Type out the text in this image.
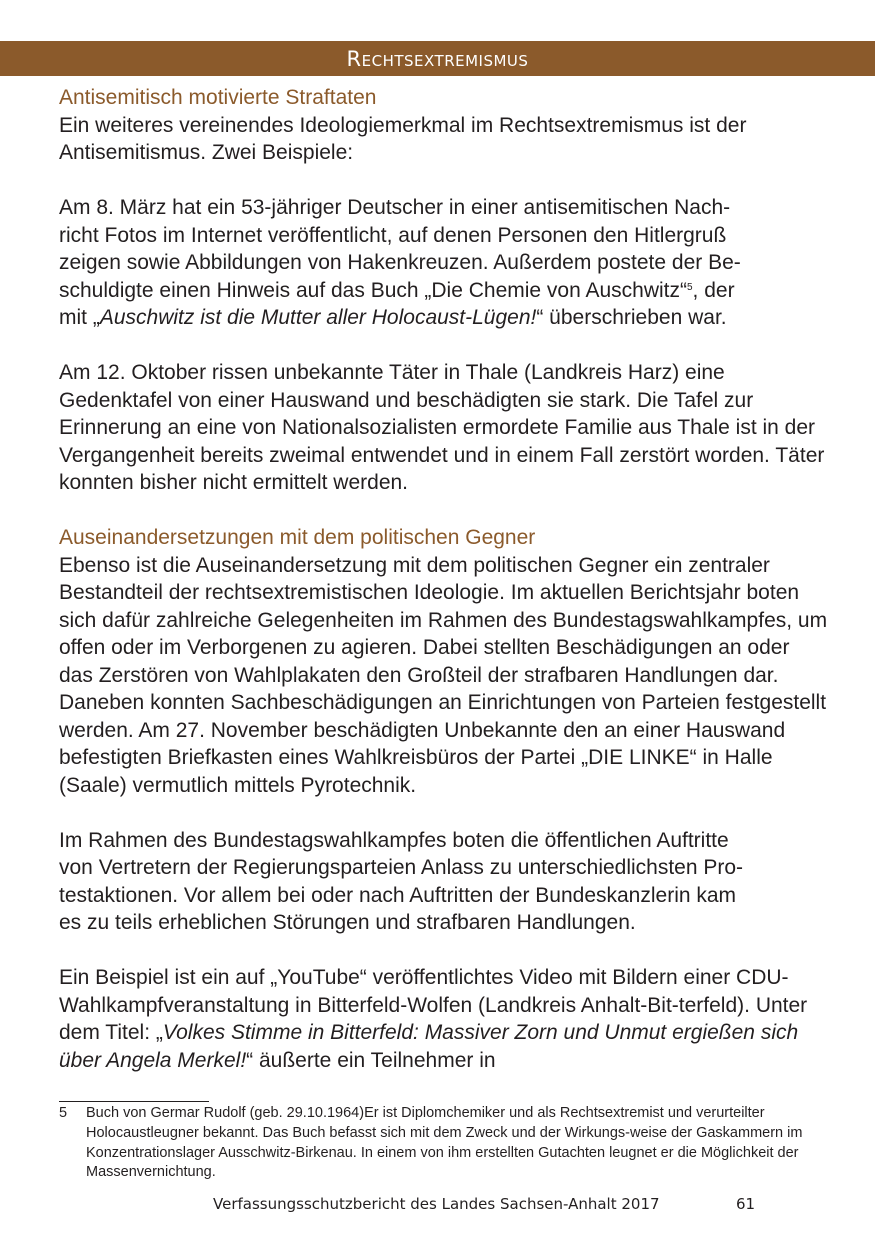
Rechtsextremismus

Antisemitisch motivierte Straftaten

Ein weiteres vereinendes Ideologiemerkmal im Rechtsextremismus ist der Antisemitismus. Zwei Beispiele:

Am 8. März hat ein 53-jähriger Deutscher in einer antisemitischen Nach-
richt Fotos im Internet veröffentlicht, auf denen Personen den Hitlergruß
zeigen sowie Abbildungen von Hakenkreuzen. Außerdem postete der Be-
schuldigte einen Hinweis auf das Buch „Die Chemie von Auschwitz“$^5$, der
mit „Auschwitz ist die Mutter aller Holocaust-Lügen!“ überschrieben war.

Am 12. Oktober rissen unbekannte Täter in Thale (Landkreis Harz) eine Gedenktafel von einer Hauswand und beschädigten sie stark. Die Tafel zur Erinnerung an eine von Nationalsozialisten ermordete Familie aus Thale ist in der Vergangenheit bereits zweimal entwendet und in einem Fall zerstört worden. Täter konnten bisher nicht ermittelt werden.

Auseinandersetzungen mit dem politischen Gegner

Ebenso ist die Auseinandersetzung mit dem politischen Gegner ein zentraler Bestandteil der rechtsextremistischen Ideologie. Im aktuellen Berichtsjahr boten sich dafür zahlreiche Gelegenheiten im Rahmen des Bundestagswahlkampfes, um offen oder im Verborgenen zu agieren. Dabei stellten Beschädigungen an oder das Zerstören von Wahlplakaten den Großteil der strafbaren Handlungen dar.

Daneben konnten Sachbeschädigungen an Einrichtungen von Parteien festgestellt werden. Am 27. November beschädigten Unbekannte den an einer Hauswand befestigten Briefkasten eines Wahlkreisbüros der Partei „DIE LINKE“ in Halle (Saale) vermutlich mittels Pyrotechnik.

Im Rahmen des Bundestagswahlkampfes boten die öffentlichen Auftritte
von Vertretern der Regierungsparteien Anlass zu unterschiedlichsten Pro-
testaktionen. Vor allem bei oder nach Auftritten der Bundeskanzlerin kam
es zu teils erheblichen Störungen und strafbaren Handlungen.

Ein Beispiel ist ein auf „YouTube“ veröffentlichtes Video mit Bildern einer CDU-Wahlkampfveranstaltung in Bitterfeld-Wolfen (Landkreis Anhalt-Bit-terfeld). Unter dem Titel: „Volkes Stimme in Bitterfeld: Massiver Zorn und Unmut ergießen sich über Angela Merkel!“ äußerte ein Teilnehmer in

5 Buch von Germar Rudolf (geb. 29.10.1964)Er ist Diplomchemiker und als Rechtsextremist und verurteilter Holocaustleugner bekannt. Das Buch befasst sich mit dem Zweck und der Wirkungs-weise der Gaskammern im Konzentrationslager Ausschwitz-Birkenau. In einem von ihm erstellten Gutachten leugnet er die Möglichkeit der Massenvernichtung.
Verfassungsschutzbericht des Landes Sachsen-Anhalt 2017	61
